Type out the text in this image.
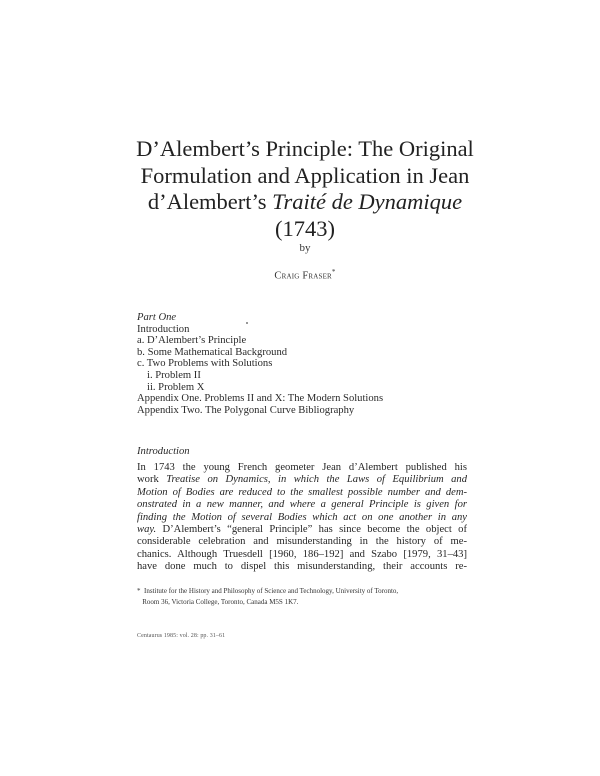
D’Alembert’s Principle: The Original
Formulation and Application in Jean
d’Alembert’s Traité de Dynamique
(1743)
by
Craig Fraser*
Part One
Introduction
a. D’Alembert’s Principle
b. Some Mathematical Background
c. Two Problems with Solutions
i. Problem II
ii. Problem X
Appendix One. Problems II and X: The Modern Solutions
Appendix Two. The Polygonal Curve Bibliography
Introduction
In 1743 the young French geometer Jean d’Alembert published his
work Treatise on Dynamics, in which the Laws of Equilibrium and
Motion of Bodies are reduced to the smallest possible number and dem-
onstrated in a new manner, and where a general Principle is given for
finding the Motion of several Bodies which act on one another in any
way. D’Alembert’s “general Principle” has since become the object of
considerable celebration and misunderstanding in the history of me-
chanics. Although Truesdell [1960, 186–192] and Szabo [1979, 31–43]
have done much to dispel this misunderstanding, their accounts re-
* Institute for the History and Philosophy of Science and Technology, University of Toronto,
Room 36, Victoria College, Toronto, Canada M5S 1K7.
Centaurus 1985: vol. 28: pp. 31–61
